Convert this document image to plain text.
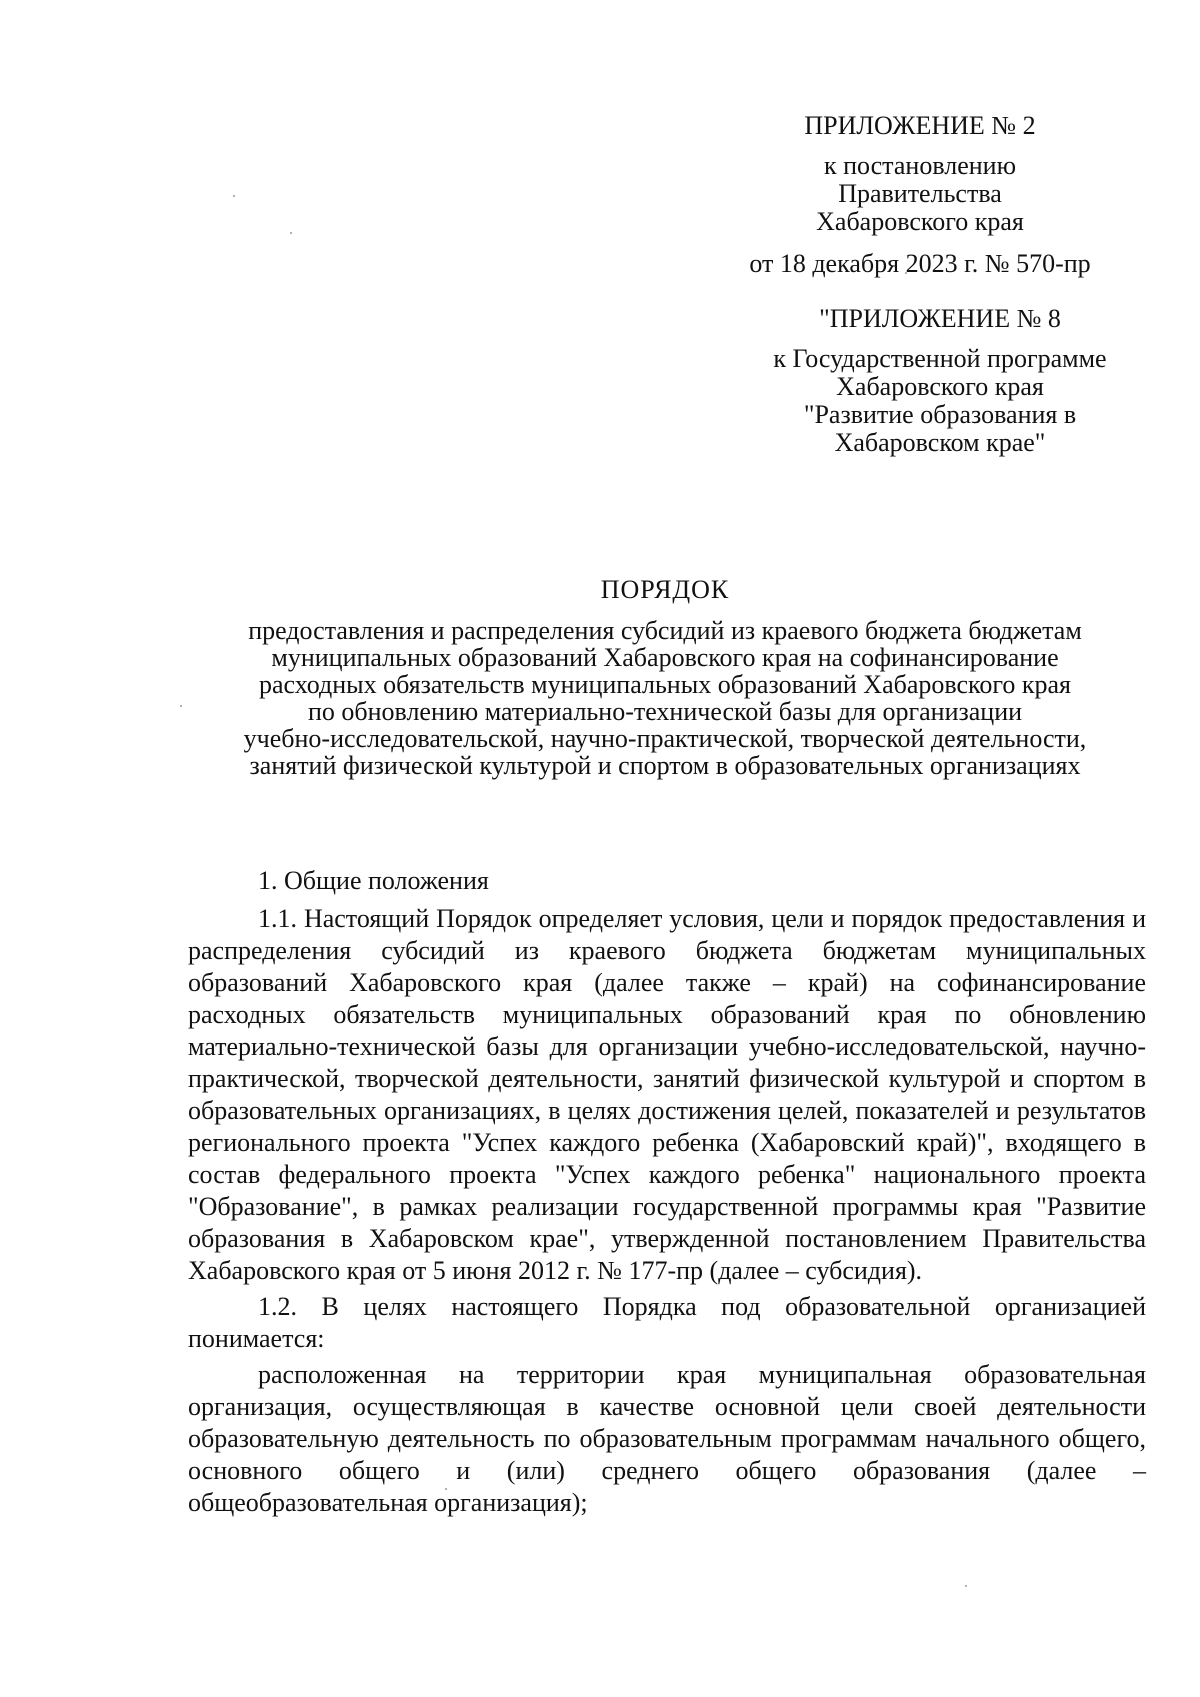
ПРИЛОЖЕНИЕ № 2
к постановлению
Правительства
Хабаровского края
от 18 декабря 2023 г. № 570-пр
"ПРИЛОЖЕНИЕ № 8
к Государственной программе
Хабаровского края
"Развитие образования в
Хабаровском крае"
ПОРЯДОК
предоставления и распределения субсидий из краевого бюджета бюджетам
муниципальных образований Хабаровского края на софинансирование
расходных обязательств муниципальных образований Хабаровского края
по обновлению материально-технической базы для организации
учебно-исследовательской, научно-практической, творческой деятельности,
занятий физической культурой и спортом в образовательных организациях
1. Общие положения

1.1. Настоящий Порядок определяет условия, цели и порядок предоставления и распределения субсидий из краевого бюджета бюджетам муниципальных образований Хабаровского края (далее также – край) на софинансирование расходных обязательств муниципальных образований края по обновлению материально-технической базы для организации учебно-исследовательской, научно-практической, творческой деятельности, занятий физической культурой и спортом в образовательных организациях, в целях достижения целей, показателей и результатов регионального проекта "Успех каждого ребенка (Хабаровский край)", входящего в состав федерального проекта "Успех каждого ребенка" национального проекта "Образование", в рамках реализации государственной программы края "Развитие образования в Хабаровском крае", утвержденной постановлением Правительства Хабаровского края от 5 июня 2012 г. № 177-пр (далее – субсидия).

1.2. В целях настоящего Порядка под образовательной организацией понимается:

расположенная на территории края муниципальная образовательная организация, осуществляющая в качестве основной цели своей деятельности образовательную деятельность по образовательным программам начального общего, основного общего и (или) среднего общего образования (далее – общеобразовательная организация);
